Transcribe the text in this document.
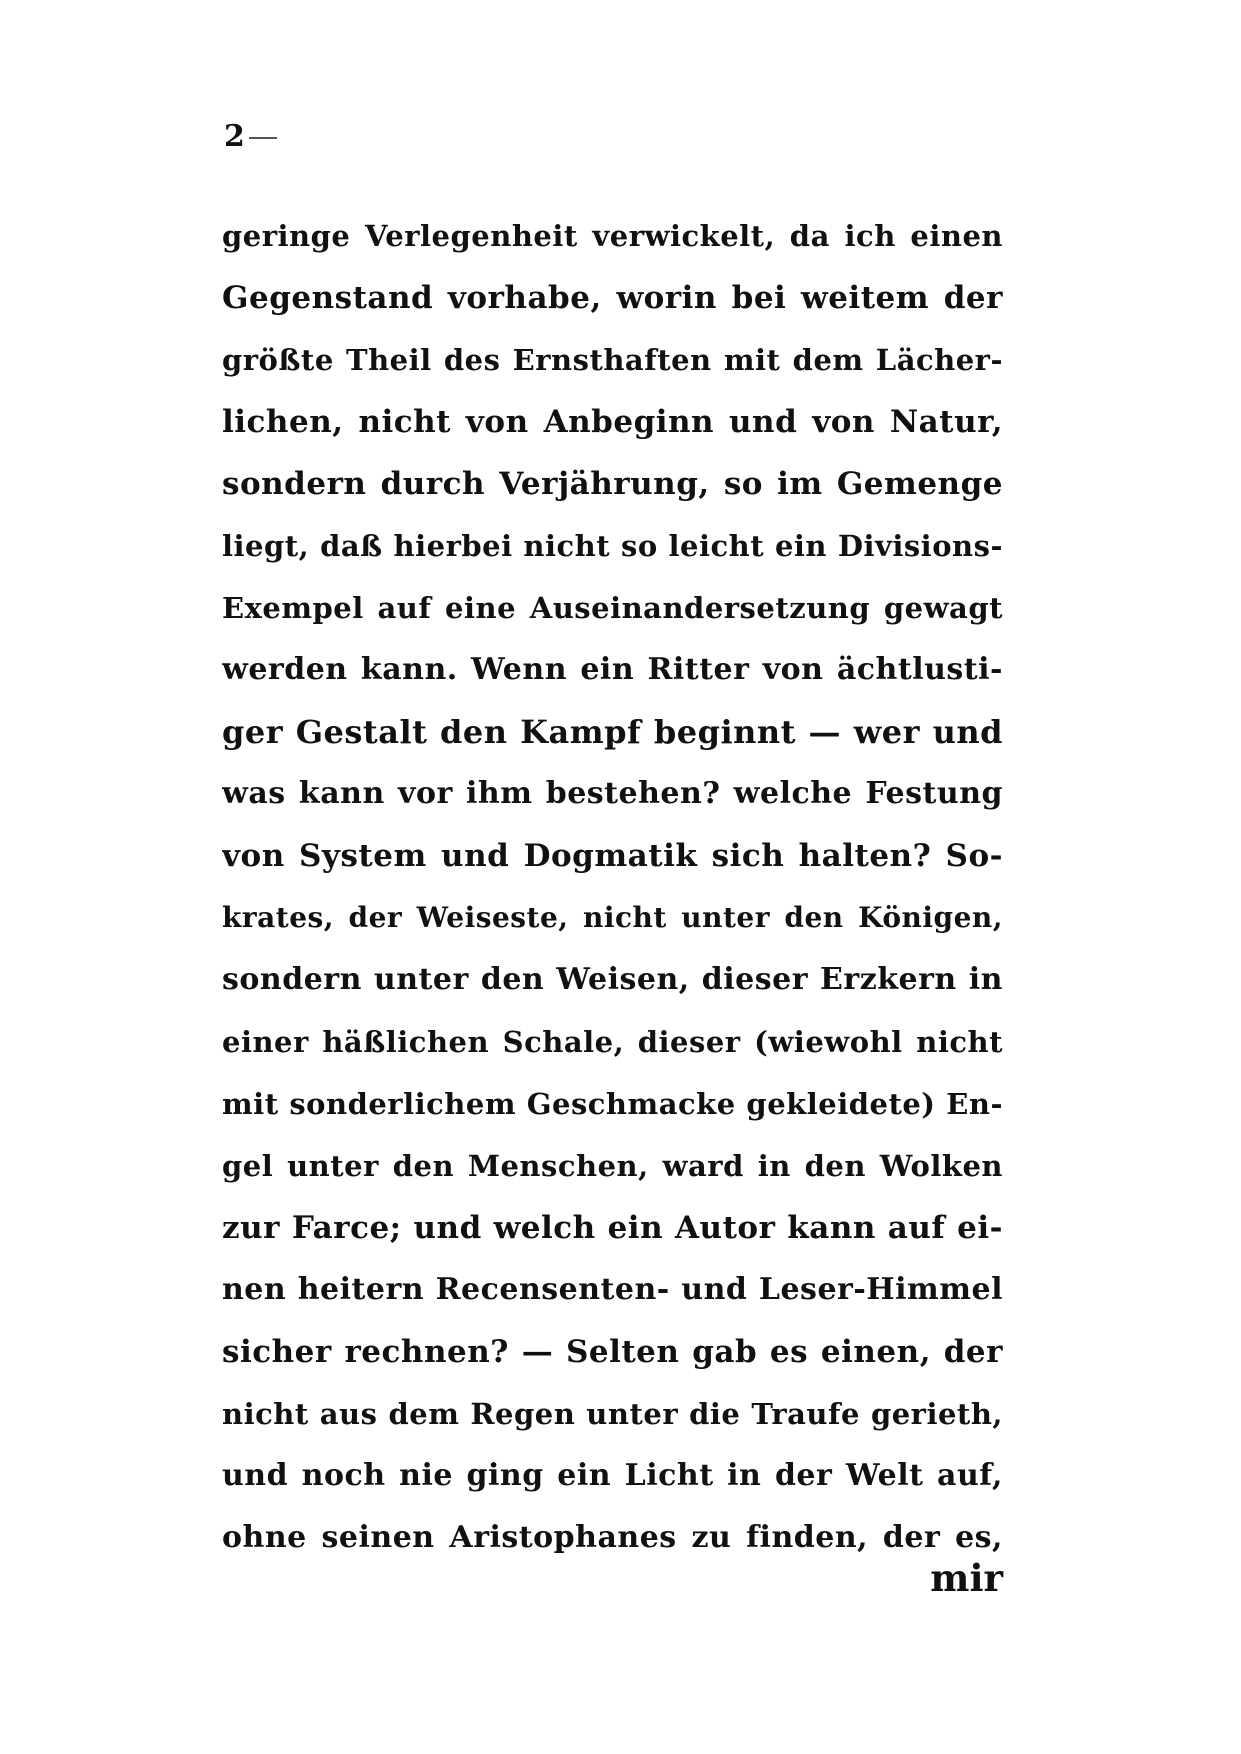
2
geringe Verlegenheit verwickelt, da ich einen
Gegenstand vorhabe, worin bei weitem der
größte Theil des Ernsthaften mit dem Lächer-
lichen, nicht von Anbeginn und von Natur,
sondern durch Verjährung, so im Gemenge
liegt, daß hierbei nicht so leicht ein Divisions-
Exempel auf eine Auseinandersetzung gewagt
werden kann. Wenn ein Ritter von ächtlusti-
ger Gestalt den Kampf beginnt — wer und
was kann vor ihm bestehen? welche Festung
von System und Dogmatik sich halten? So-
krates, der Weiseste, nicht unter den Königen,
sondern unter den Weisen, dieser Erzkern in
einer häßlichen Schale, dieser (wiewohl nicht
mit sonderlichem Geschmacke gekleidete) En-
gel unter den Menschen, ward in den Wolken
zur Farce; und welch ein Autor kann auf ei-
nen heitern Recensenten- und Leser-Himmel
sicher rechnen? — Selten gab es einen, der
nicht aus dem Regen unter die Traufe gerieth,
und noch nie ging ein Licht in der Welt auf,
ohne seinen Aristophanes zu finden, der es,
mir
